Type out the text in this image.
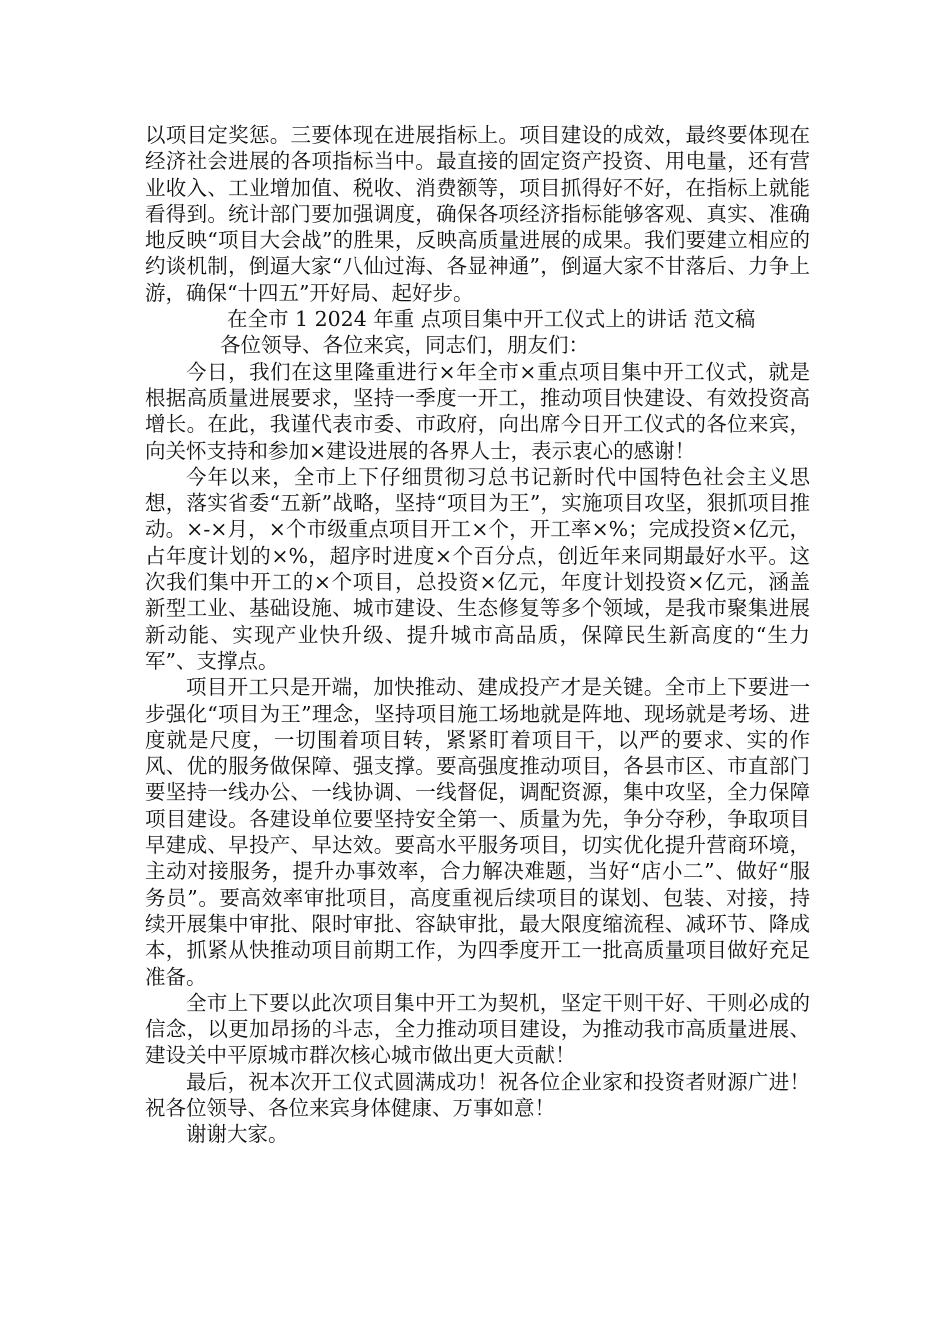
以项目定奖惩。三要体现在进展指标上。项目建设的成效，最终要体现在经济社会进展的各项指标当中。最直接的固定资产投资、用电量，还有营业收入、工业增加值、税收、消费额等，项目抓得好不好，在指标上就能看得到。统计部门要加强调度，确保各项经济指标能够客观、真实、准确地反映“项目大会战”的胜果，反映高质量进展的成果。我们要建立相应的约谈机制，倒逼大家“八仙过海、各显神通”，倒逼大家不甘落后、力争上游，确保“十四五”开好局、起好步。

在全市 1 2024 年重 点项目集中开工仪式上的讲话 范文稿

各位领导、各位来宾，同志们，朋友们：

今日，我们在这里隆重进行×年全市×重点项目集中开工仪式，就是根据高质量进展要求，坚持一季度一开工，推动项目快建设、有效投资高增长。在此，我谨代表市委、市政府，向出席今日开工仪式的各位来宾，向关怀支持和参加×建设进展的各界人士，表示衷心的感谢！

今年以来，全市上下仔细贯彻习总书记新时代中国特色社会主义思想，落实省委“五新”战略，坚持“项目为王”，实施项目攻坚，狠抓项目推动。×-×月，×个市级重点项目开工×个，开工率×%；完成投资×亿元，占年度计划的×%，超序时进度×个百分点，创近年来同期最好水平。这次我们集中开工的×个项目，总投资×亿元，年度计划投资×亿元，涵盖新型工业、基础设施、城市建设、生态修复等多个领域，是我市聚集进展新动能、实现产业快升级、提升城市高品质，保障民生新高度的“生力军”、支撑点。

项目开工只是开端，加快推动、建成投产才是关键。全市上下要进一步强化“项目为王”理念，坚持项目施工场地就是阵地、现场就是考场、进度就是尺度，一切围着项目转，紧紧盯着项目干，以严的要求、实的作风、优的服务做保障、强支撑。要高强度推动项目，各县市区、市直部门要坚持一线办公、一线协调、一线督促，调配资源，集中攻坚，全力保障项目建设。各建设单位要坚持安全第一、质量为先，争分夺秒，争取项目早建成、早投产、早达效。要高水平服务项目，切实优化提升营商环境，主动对接服务，提升办事效率，合力解决难题，当好“店小二”、做好“服务员”。要高效率审批项目，高度重视后续项目的谋划、包装、对接，持续开展集中审批、限时审批、容缺审批，最大限度缩流程、减环节、降成本，抓紧从快推动项目前期工作，为四季度开工一批高质量项目做好充足准备。

全市上下要以此次项目集中开工为契机，坚定干则干好、干则必成的信念，以更加昂扬的斗志，全力推动项目建设，为推动我市高质量进展、建设关中平原城市群次核心城市做出更大贡献！

最后，祝本次开工仪式圆满成功！祝各位企业家和投资者财源广进！祝各位领导、各位来宾身体健康、万事如意！

谢谢大家。
